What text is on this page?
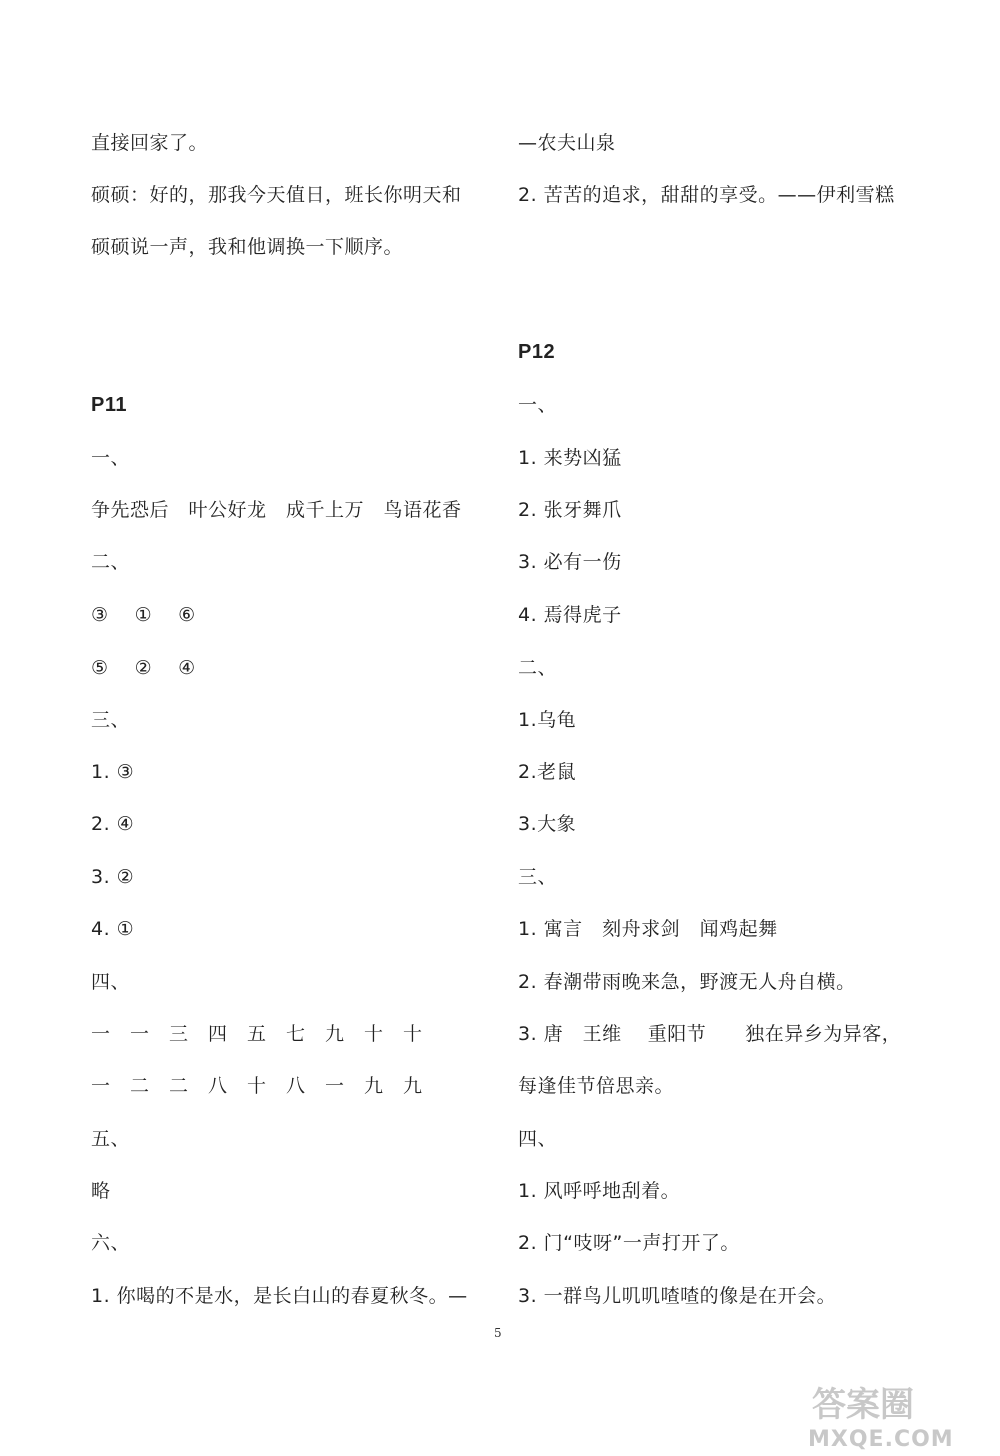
直接回家了。
硕硕：好的，那我今天值日，班长你明天和
硕硕说一声，我和他调换一下顺序。
P11
一、
争先恐后　叶公好龙　成千上万　鸟语花香
二、
③　 ①　 ⑥
⑤　 ②　 ④
三、
1. ③
2. ④
3. ②
4. ①
四、
一　一　三　四　五　七　九　十　十
一　二　二　八　十　八　一　九　九
五、
略
六、
1. 你喝的不是水，是长白山的春夏秋冬。—
—农夫山泉
2. 苦苦的追求，甜甜的享受。——伊利雪糕
P12
一、
1. 来势凶猛
2. 张牙舞爪
3. 必有一伤
4. 焉得虎子
二、
1.乌龟
2.老鼠
3.大象
三、
1. 寓言　刻舟求剑　闻鸡起舞
2. 春潮带雨晚来急，野渡无人舟自横。
3. 唐　王维　 重阳节　　独在异乡为异客，
每逢佳节倍思亲。
四、
1. 风呼呼地刮着。
2. 门“吱呀”一声打开了。
3. 一群鸟儿叽叽喳喳的像是在开会。
5
答案圈
MXQE.COM
